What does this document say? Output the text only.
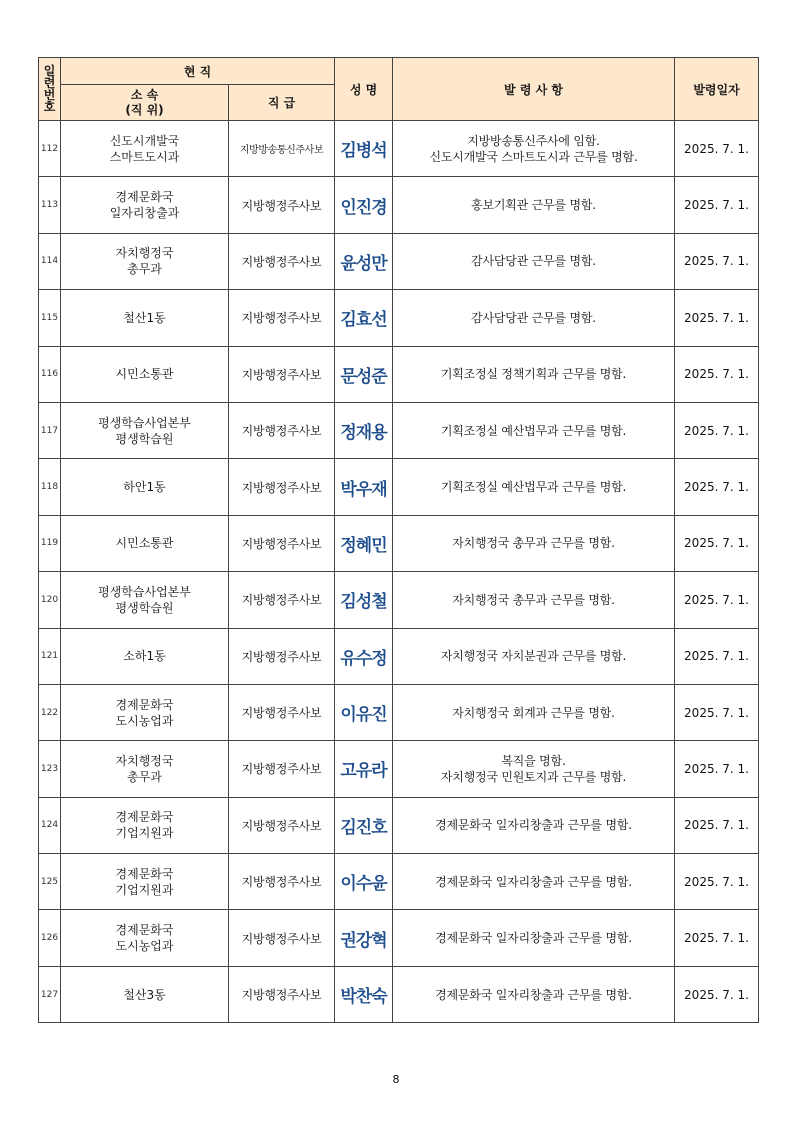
일
련
번
호	현 직		성 명	발 령 사 항	발령일자

	소 속
(직 위)	직 급			
112	신도시개발국
스마트도시과	지방방송통신주사보	김병석	지방방송통신주사에 임함.
신도시개발국 스마트도시과 근무를 명함.	2025. 7. 1.
113	경제문화국
일자리창출과	지방행정주사보	인진경	홍보기획관 근무를 명함.	2025. 7. 1.
114	자치행정국
총무과	지방행정주사보	윤성만	감사담당관 근무를 명함.	2025. 7. 1.
115	철산1동	지방행정주사보	김효선	감사담당관 근무를 명함.	2025. 7. 1.
116	시민소통관	지방행정주사보	문성준	기획조정실 정책기획과 근무를 명함.	2025. 7. 1.
117	평생학습사업본부
평생학습원	지방행정주사보	정재용	기획조정실 예산법무과 근무를 명함.	2025. 7. 1.
118	하안1동	지방행정주사보	박우재	기획조정실 예산법무과 근무를 명함.	2025. 7. 1.
119	시민소통관	지방행정주사보	정혜민	자치행정국 총무과 근무를 명함.	2025. 7. 1.
120	평생학습사업본부
평생학습원	지방행정주사보	김성철	자치행정국 총무과 근무를 명함.	2025. 7. 1.
121	소하1동	지방행정주사보	유수정	자치행정국 자치분권과 근무를 명함.	2025. 7. 1.
122	경제문화국
도시농업과	지방행정주사보	이유진	자치행정국 회계과 근무를 명함.	2025. 7. 1.
123	자치행정국
총무과	지방행정주사보	고유라	복직을 명함.
자치행정국 민원토지과 근무를 명함.	2025. 7. 1.
124	경제문화국
기업지원과	지방행정주사보	김진호	경제문화국 일자리창출과 근무를 명함.	2025. 7. 1.
125	경제문화국
기업지원과	지방행정주사보	이수윤	경제문화국 일자리창출과 근무를 명함.	2025. 7. 1.
126	경제문화국
도시농업과	지방행정주사보	권강혁	경제문화국 일자리창출과 근무를 명함.	2025. 7. 1.
127	철산3동	지방행정주사보	박찬숙	경제문화국 일자리창출과 근무를 명함.	2025. 7. 1.
8
